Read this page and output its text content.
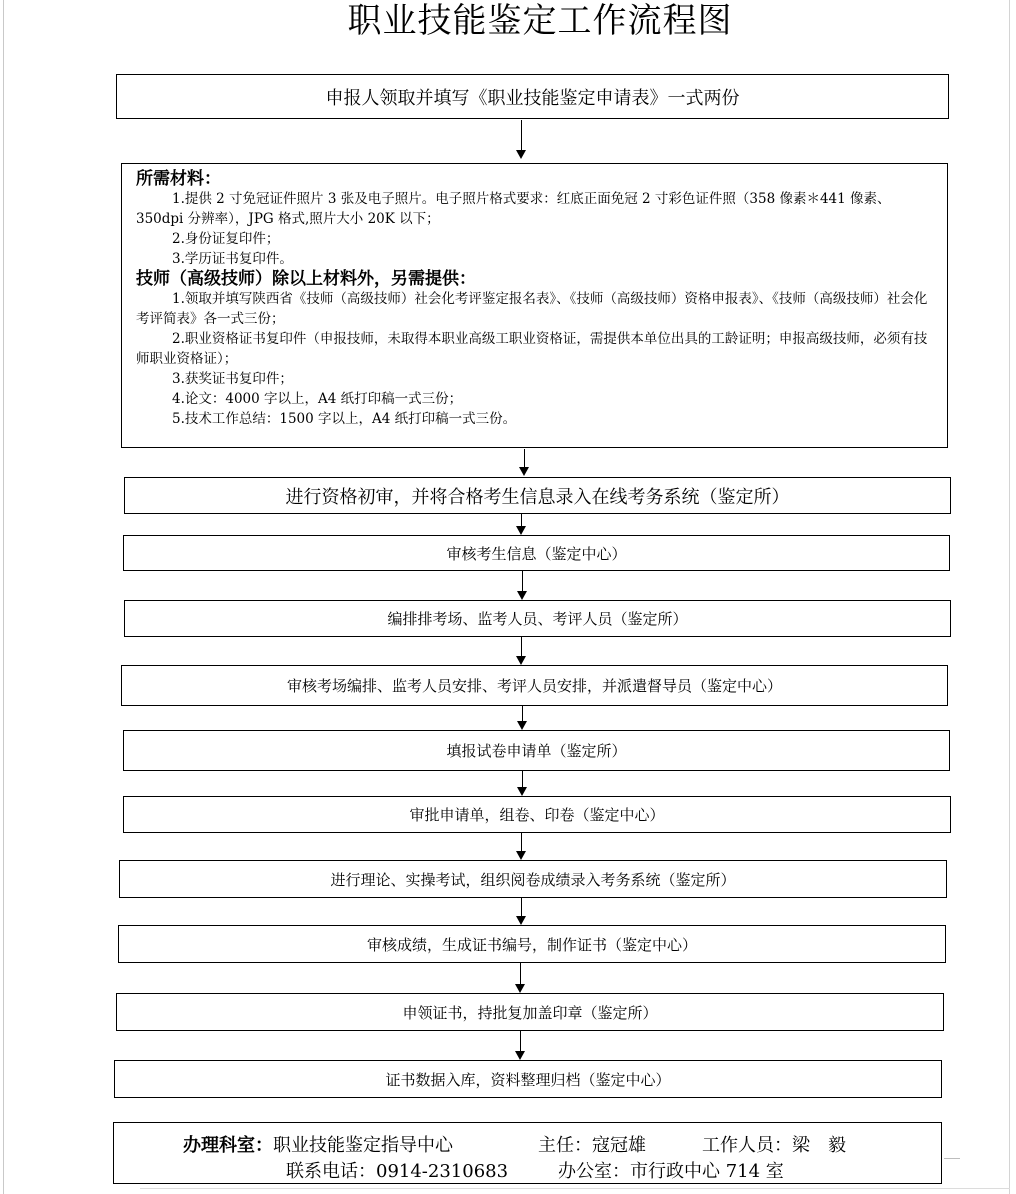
职业技能鉴定工作流程图
申报人领取并填写《职业技能鉴定申请表》一式两份
所需材料：
1.提供 2 寸免冠证件照片 3 张及电子照片。电子照片格式要求：红底正面免冠 2 寸彩色证件照（358 像素＊441 像素、350dpi 分辨率），JPG 格式,照片大小 20K 以下；
2.身份证复印件；
3.学历证书复印件。
技师（高级技师）除以上材料外，另需提供：
1.领取并填写陕西省《技师（高级技师）社会化考评鉴定报名表》、《技师（高级技师）资格申报表》、《技师（高级技师）社会化考评简表》各一式三份；
2.职业资格证书复印件（申报技师，未取得本职业高级工职业资格证，需提供本单位出具的工龄证明；申报高级技师，必须有技师职业资格证）；
3.获奖证书复印件；
4.论文：4000 字以上，A4 纸打印稿一式三份；
5.技术工作总结：1500 字以上，A4 纸打印稿一式三份。
进行资格初审，并将合格考生信息录入在线考务系统（鉴定所）
审核考生信息（鉴定中心）
编排排考场、监考人员、考评人员（鉴定所）
审核考场编排、监考人员安排、考评人员安排，并派遣督导员（鉴定中心）
填报试卷申请单（鉴定所）
审批申请单，组卷、印卷（鉴定中心）
进行理论、实操考试，组织阅卷成绩录入考务系统（鉴定所）
审核成绩，生成证书编号，制作证书（鉴定中心）
申领证书，持批复加盖印章（鉴定所）
证书数据入库，资料整理归档（鉴定中心）
办理科室：职业技能鉴定指导中心	主任：寇冠雄	工作人员：梁　毅
联系电话：0914-2310683	办公室：市行政中心 714 室
